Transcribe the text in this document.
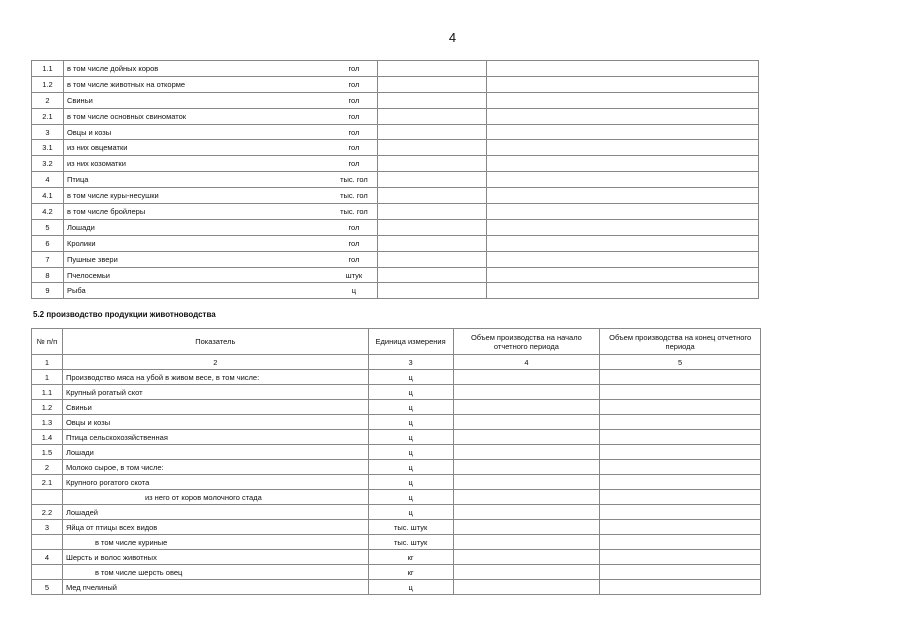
4
1.1	в том числе дойных коров	гол		
1.2	в том числе животных на откорме	гол		
2	Свиньи	гол		
2.1	в том числе основных свиноматок	гол		
3	Овцы и козы	гол		
3.1	из них овцематки	гол		
3.2	из них козоматки	гол		
4	Птица	тыс. гол		
4.1	в том числе куры-несушки	тыс. гол		
4.2	в том числе бройлеры	тыс. гол		
5	Лошади	гол		
6	Кролики	гол		
7	Пушные звери	гол		
8	Пчелосемьи	штук		
9	Рыба	ц		
5.2 производство продукции животноводства
№ п/п	Показатель	Единица измерения	Объем производства на начало отчетного периода	Объем производства на конец отчетного периода
1	2	3	4	5
1	Производство мяса на убой в живом весе, в том числе:	ц		
1.1	Крупный рогатый скот	ц		
1.2	Свиньи	ц		
1.3	Овцы и козы	ц		
1.4	Птица сельскохозяйственная	ц		
1.5	Лошади	ц		
2	Молоко сырое, в том числе:	ц		
2.1	Крупного рогатого скота	ц		
	из него от коров молочного стада	ц		
2.2	Лошадей	ц		
3	Яйца от птицы всех видов	тыс. штук		
	в том числе куриные	тыс. штук		
4	Шерсть и волос животных	кг		
	в том числе шерсть овец	кг		
5	Мед пчелиный	ц		
